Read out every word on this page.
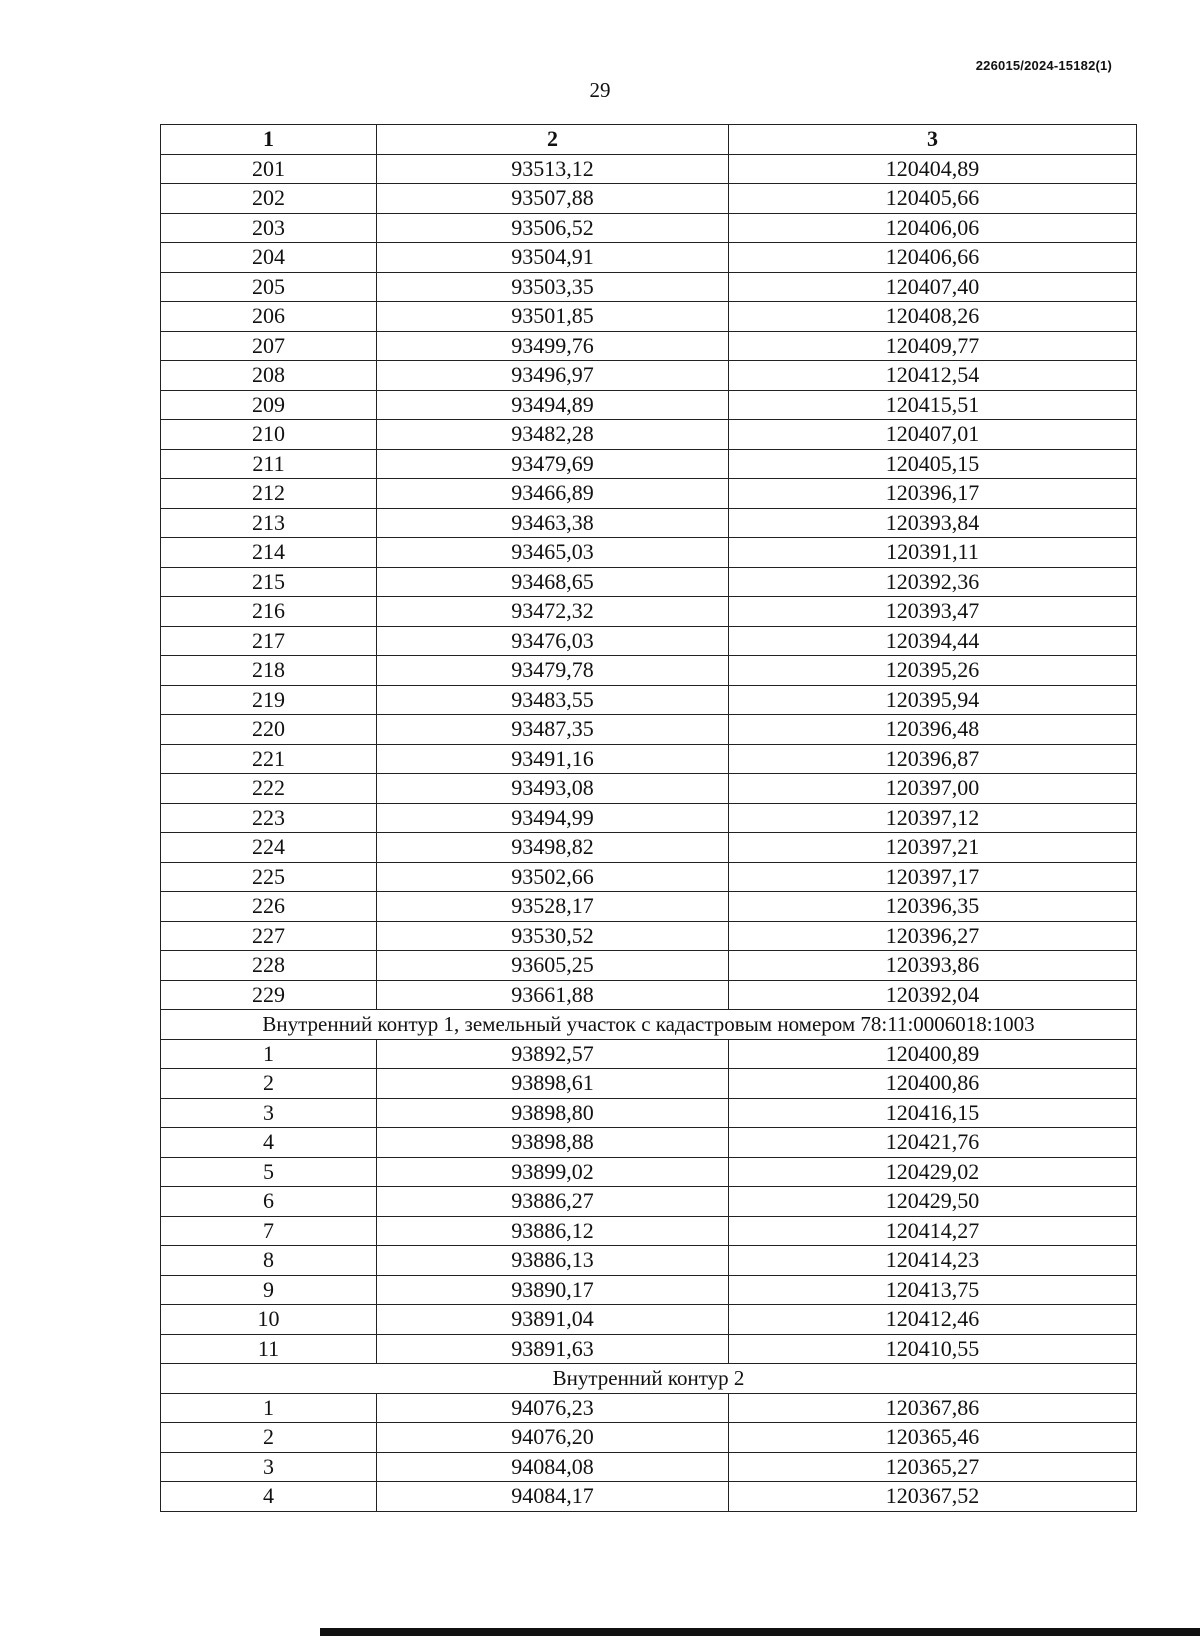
226015/2024-15182(1)
29
1	2	3
201	93513,12	120404,89
202	93507,88	120405,66
203	93506,52	120406,06
204	93504,91	120406,66
205	93503,35	120407,40
206	93501,85	120408,26
207	93499,76	120409,77
208	93496,97	120412,54
209	93494,89	120415,51
210	93482,28	120407,01
211	93479,69	120405,15
212	93466,89	120396,17
213	93463,38	120393,84
214	93465,03	120391,11
215	93468,65	120392,36
216	93472,32	120393,47
217	93476,03	120394,44
218	93479,78	120395,26
219	93483,55	120395,94
220	93487,35	120396,48
221	93491,16	120396,87
222	93493,08	120397,00
223	93494,99	120397,12
224	93498,82	120397,21
225	93502,66	120397,17
226	93528,17	120396,35
227	93530,52	120396,27
228	93605,25	120393,86
229	93661,88	120392,04
Внутренний контур 1, земельный участок с кадастровым номером 78:11:0006018:1003		
1	93892,57	120400,89
2	93898,61	120400,86
3	93898,80	120416,15
4	93898,88	120421,76
5	93899,02	120429,02
6	93886,27	120429,50
7	93886,12	120414,27
8	93886,13	120414,23
9	93890,17	120413,75
10	93891,04	120412,46
11	93891,63	120410,55
Внутренний контур 2		
1	94076,23	120367,86
2	94076,20	120365,46
3	94084,08	120365,27
4	94084,17	120367,52
